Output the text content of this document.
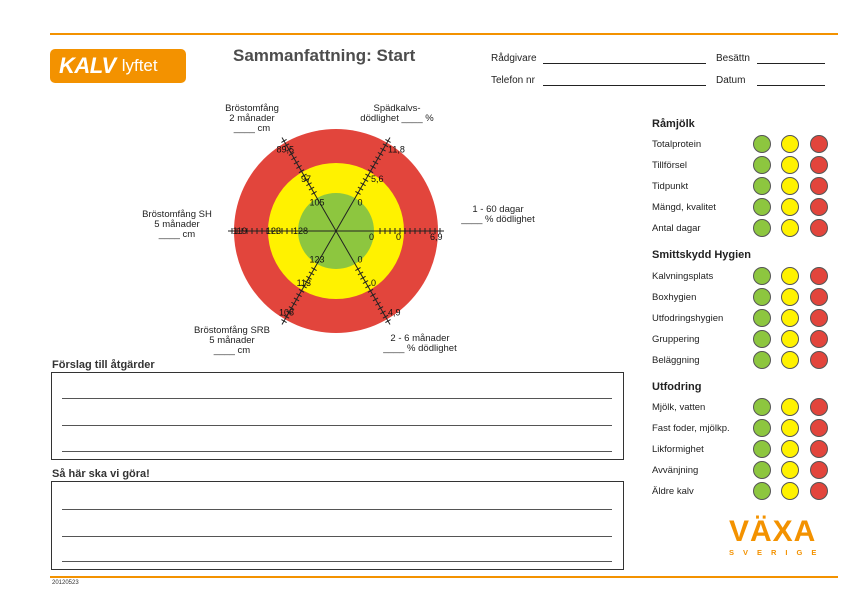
KALV lyftet
Sammanfattning: Start	Rådgivare	Besättn
Telefon nr	Datum
11,8
5,6
0
6,9
0
0
4,9
0
0
108
113
123
119 123 128
89,5
97
105
Bröstomfång
2 månader
____ cm
Spädkalvs-
dödlighet ____ %
1 - 60 dagar
____ % dödlighet
2 - 6 månader
____ % dödlighet
Bröstomfång SRB
5 månader
____ cm
Bröstomfång SH
5 månader
____ cm
Förslag till åtgärder
Så här ska vi göra!
Råmjölk
Totalprotein
Tillförsel
Tidpunkt
Mängd, kvalitet
Antal dagar
Smittskydd Hygien
Kalvningsplats
Boxhygien
Utfodringshygien
Gruppering
Beläggning
Utfodring
Mjölk, vatten
Fast foder, mjölkp.
Likformighet
Avvänjning
Äldre kalv
VÄXA
SVERIGE
20120523
